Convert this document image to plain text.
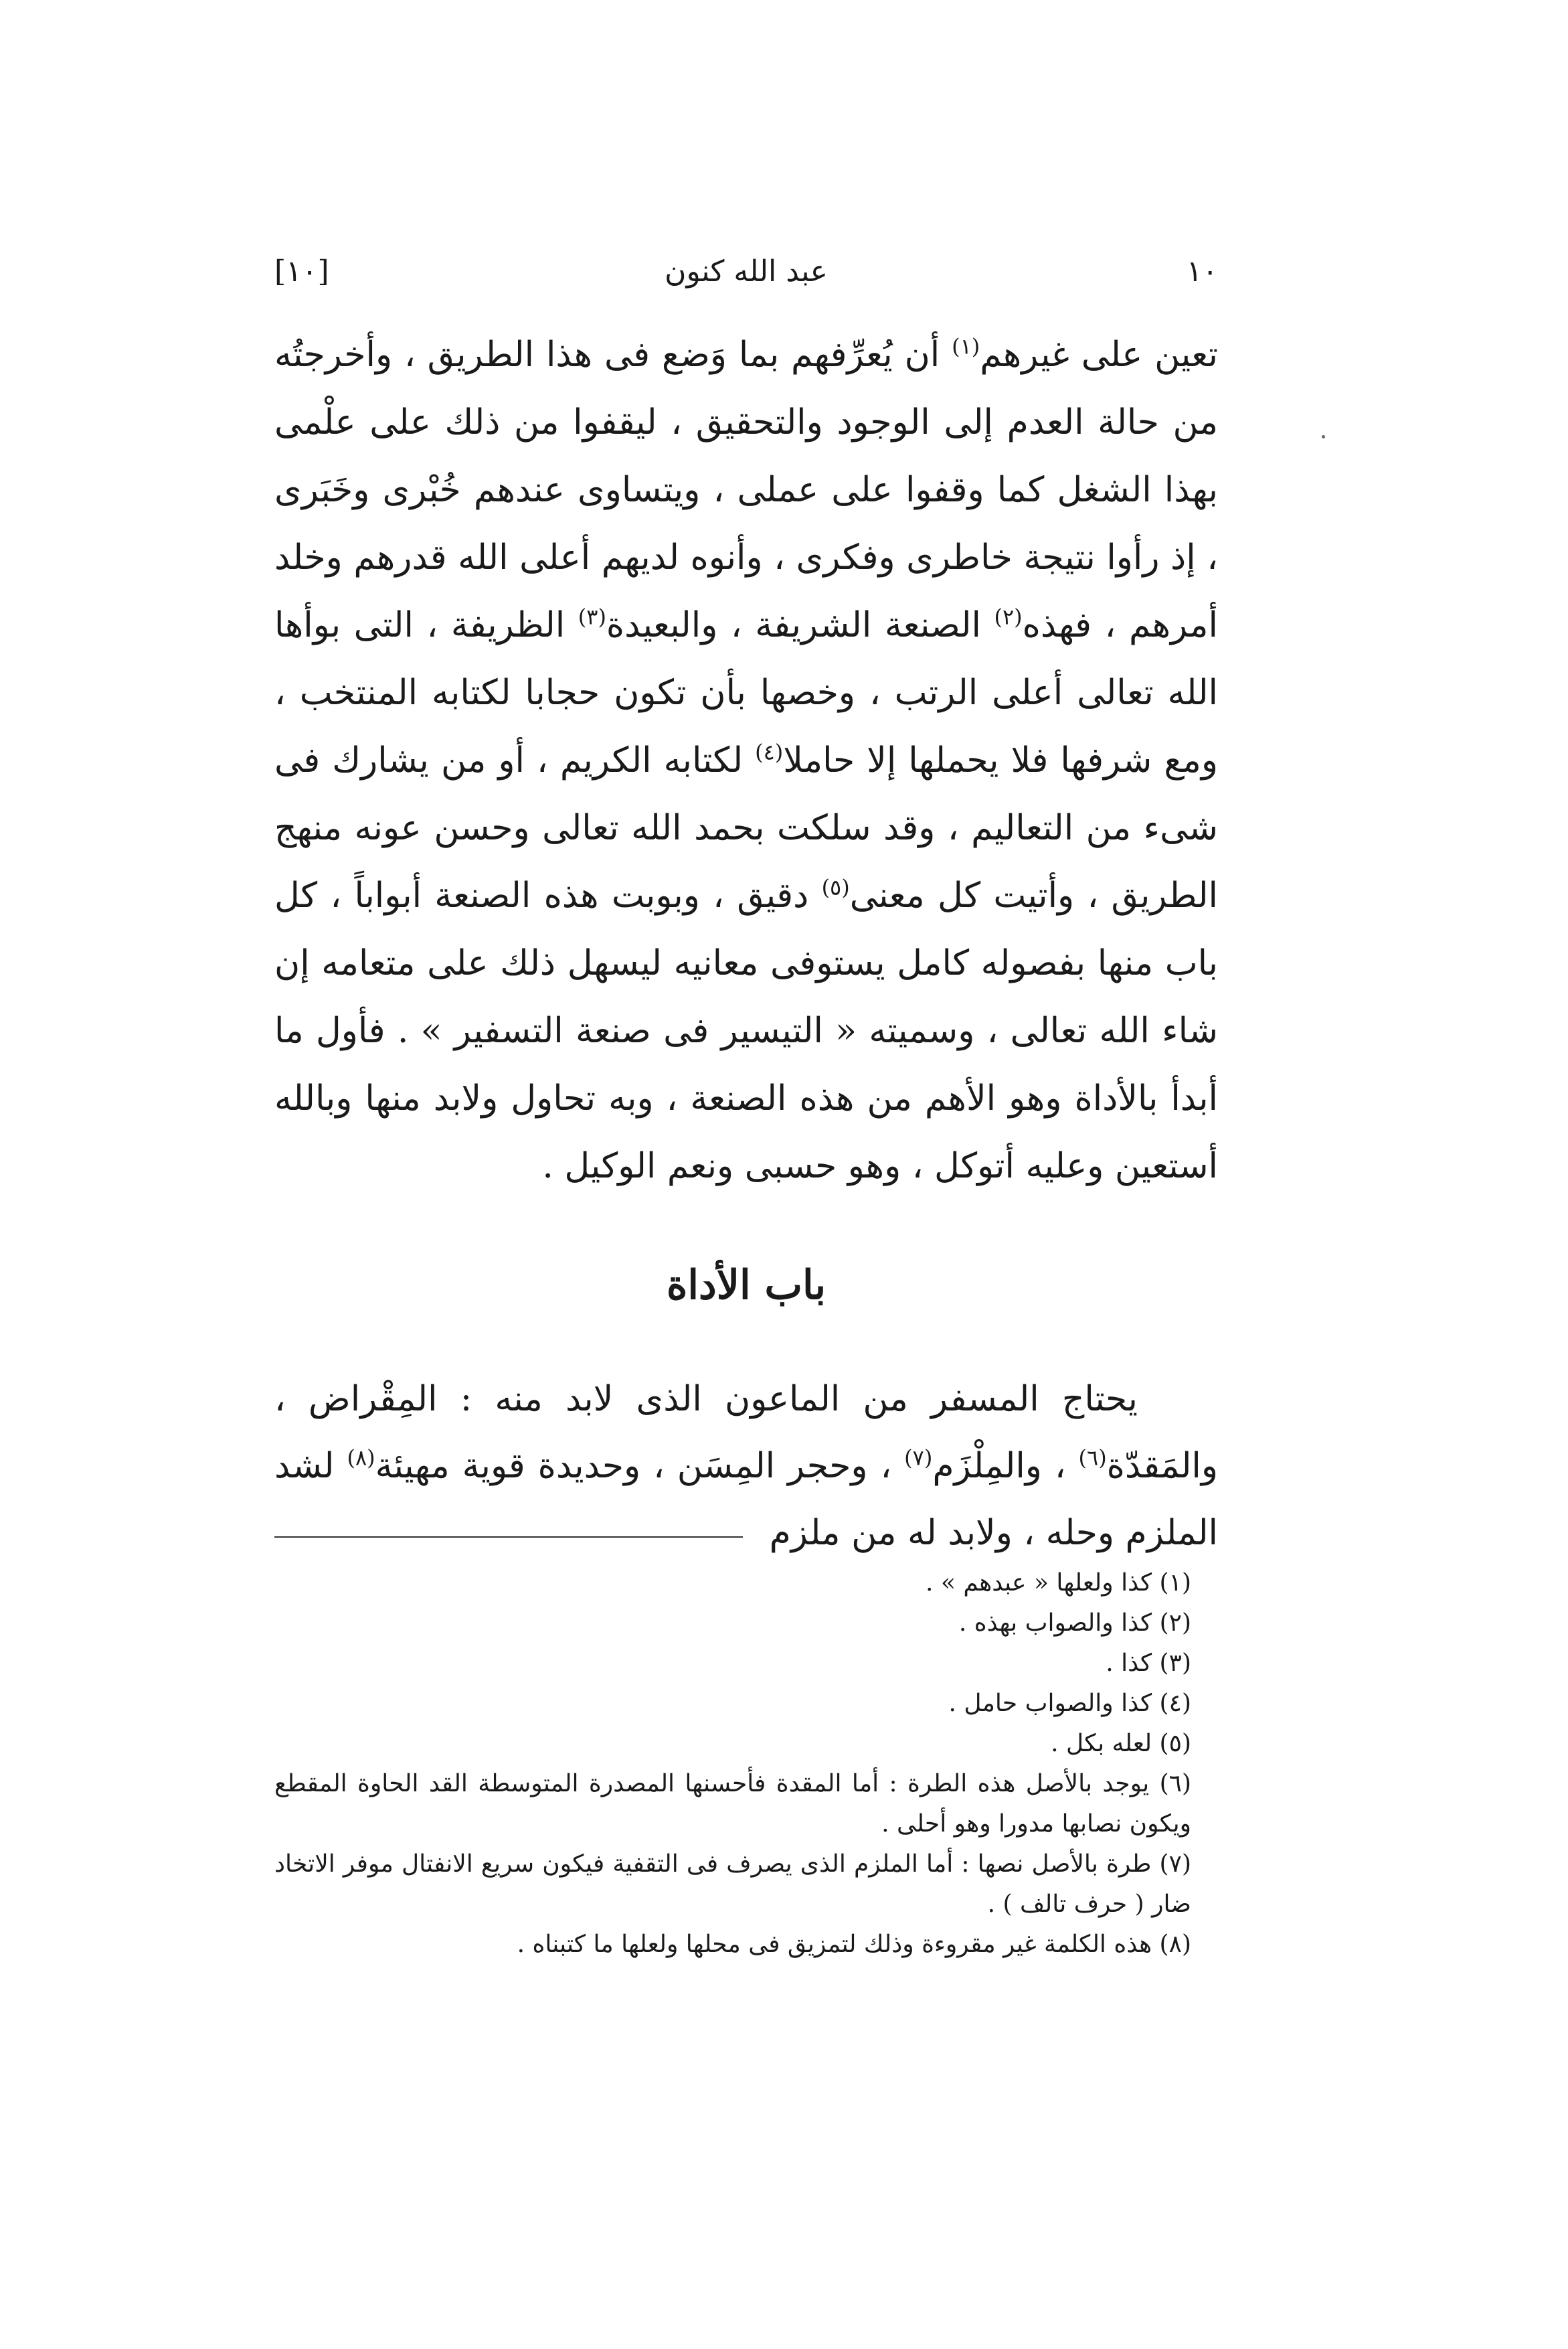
١٠
عبد الله كنون
[١٠]

تعين على غيرهم$^{(١)}$ أن يُعرِّفهم بما وَضع فى هذا الطريق ، وأخرجتُه من حالة العدم إلى الوجود والتحقيق ، ليقفوا من ذلك على علْمى بهذا الشغل كما وقفوا على عملى ، ويتساوى عندهم خُبْرى وخَبَرى ، إذ رأوا نتيجة خاطرى وفكرى ، وأنوه لديهم أعلى الله قدرهم وخلد أمرهم ، فهذه$^{(٢)}$ الصنعة الشريفة ، والبعيدة$^{(٣)}$ الظريفة ، التى بوأها الله تعالى أعلى الرتب ، وخصها بأن تكون حجابا لكتابه المنتخب ، ومع شرفها فلا يحملها إلا حاملا$^{(٤)}$ لكتابه الكريم ، أو من يشارك فى شىء من التعاليم ، وقد سلكت بحمد الله تعالى وحسن عونه منهج الطريق ، وأتيت كل معنى$^{(٥)}$ دقيق ، وبوبت هذه الصنعة أبواباً ، كل باب منها بفصوله كامل يستوفى معانيه ليسهل ذلك على متعامه إن شاء الله تعالى ، وسميته « التيسير فى صنعة التسفير » . فأول ما أبدأ بالأداة وهو الأهم من هذه الصنعة ، وبه تحاول ولابد منها وبالله أستعين وعليه أتوكل ، وهو حسبى ونعم الوكيل .

باب الأداة

يحتاج المسفر من الماعون الذى لابد منه : المِقْراض ، والمَقدّة$^{(٦)}$ ، والمِلْزَم$^{(٧)}$ ، وحجر المِسَن ، وحديدة قوية مهيئة$^{(٨)}$ لشد الملزم وحله ، ولابد له من ملزم

(١) كذا ولعلها « عبدهم » .
(٢) كذا والصواب بهذه .
(٣) كذا .
(٤) كذا والصواب حامل .
(٥) لعله بكل .
(٦) يوجد بالأصل هذه الطرة : أما المقدة فأحسنها المصدرة المتوسطة القد الحاوة المقطع ويكون نصابها مدورا وهو أحلى .
(٧) طرة بالأصل نصها : أما الملزم الذى يصرف فى التقفية فيكون سريع الانفتال موفر الاتخاد ضار ( حرف تالف ) .
(٨) هذه الكلمة غير مقروءة وذلك لتمزيق فى محلها ولعلها ما كتبناه .
